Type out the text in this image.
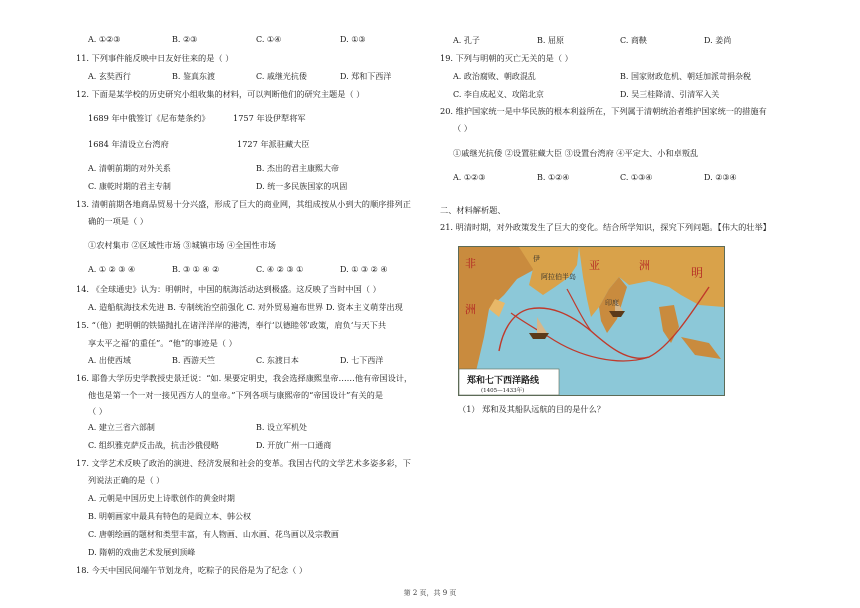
A. ①②③	B. ②③	C. ①④	D. ①③
11. 下列事件能反映中日友好往来的是（ ）
A. 玄奘西行	B. 鉴真东渡	C. 戚继光抗倭	D. 郑和下西洋
12. 下面是某学校的历史研究小组收集的材料，可以判断他们的研究主题是（ ）
1689 年中俄签订《尼布楚条约》	1757 年设伊犁将军
1684 年清设立台湾府	1727 年派驻藏大臣
A. 清朝前期的对外关系	B. 杰出的君主康熙大帝
C. 康乾时期的君主专制	D. 统一多民族国家的巩固
13. 清朝前期各地商品贸易十分兴盛，形成了巨大的商业网，其组成按从小到大的顺序排列正
确的一项是（ ）
①农村集市 ②区域性市场 ③城镇市场 ④全国性市场
A. ① ② ③ ④	B. ③ ① ④ ②	C. ④ ② ③ ①	D. ① ③ ② ④
14. 《全球通史》认为：明朝时，中国的航海活动达到极盛。这反映了当时中国（ ）
A. 造船航海技术先进 B. 专制统治空前强化 C. 对外贸易遍布世界 D. 资本主义萌芽出现
15. “（他）把明朝的铁锚抛扎在诸洋洋岸的港湾，奉行‘以德睦邻’政策，肩负‘与天下共
享太平之福’的重任”。“他”的事迹是（ ）
A. 出使西域	B. 西游天竺	C. 东渡日本	D. 七下西洋
16. 耶鲁大学历史学教授史景迁说：“如. 果要定明史，我会选择康熙皇帝……他有帝国设计，
他也是第一个一对一接见西方人的皇帝。”下列各项与康熙帝的“帝国设计”有关的是
（ ）
A. 建立三省六部制	B. 设立军机处
C. 组织雅克萨反击战，抗击沙俄侵略	D. 开放广州一口通商
17. 文学艺术反映了政治的演进、经济发展和社会的变革。我国古代的文学艺术多姿多彩，下
列说法正确的是（ ）
A. 元朝是中国历史上诗歌创作的黄金时期
B. 明朝画家中最具有特色的是阎立本、韩公权
C. 唐朝绘画的题材和类型丰富，有人物画、山水画、花鸟画以及宗教画
D. 隋朝的戏曲艺术发展到顶峰
18. 今天中国民间端午节划龙舟，吃粽子的民俗是为了纪念（ ）
A. 孔子	B. 屈原	C. 商鞅	D. 姜尚
19. 下列与明朝的灭亡无关的是（ ）
A. 政治腐败、朝政混乱	B. 国家财政危机、朝廷加派苛捐杂税
C. 李自成起义、攻陷北京	D. 吴三桂降清、引清军入关
20. 维护国家统一是中华民族的根本利益所在，下列属于清朝统治者维护国家统一的措施有
（ ）
①戚继光抗倭 ②设置驻藏大臣 ③设置台湾府 ④平定大、小和卓叛乱
A. ①②③	B. ①②④	C. ①③④	D. ②③④
二、材料解析题、
21. 明清时期，对外政策发生了巨大的变化。结合所学知识，探究下列问题。【伟大的壮举】
亚	洲
明
阿拉伯半岛
印度
非
洲
伊
郑和七下西洋路线
(1405—1433年)
（1） 郑和及其船队远航的目的是什么？
第 2 页，共 9 页
